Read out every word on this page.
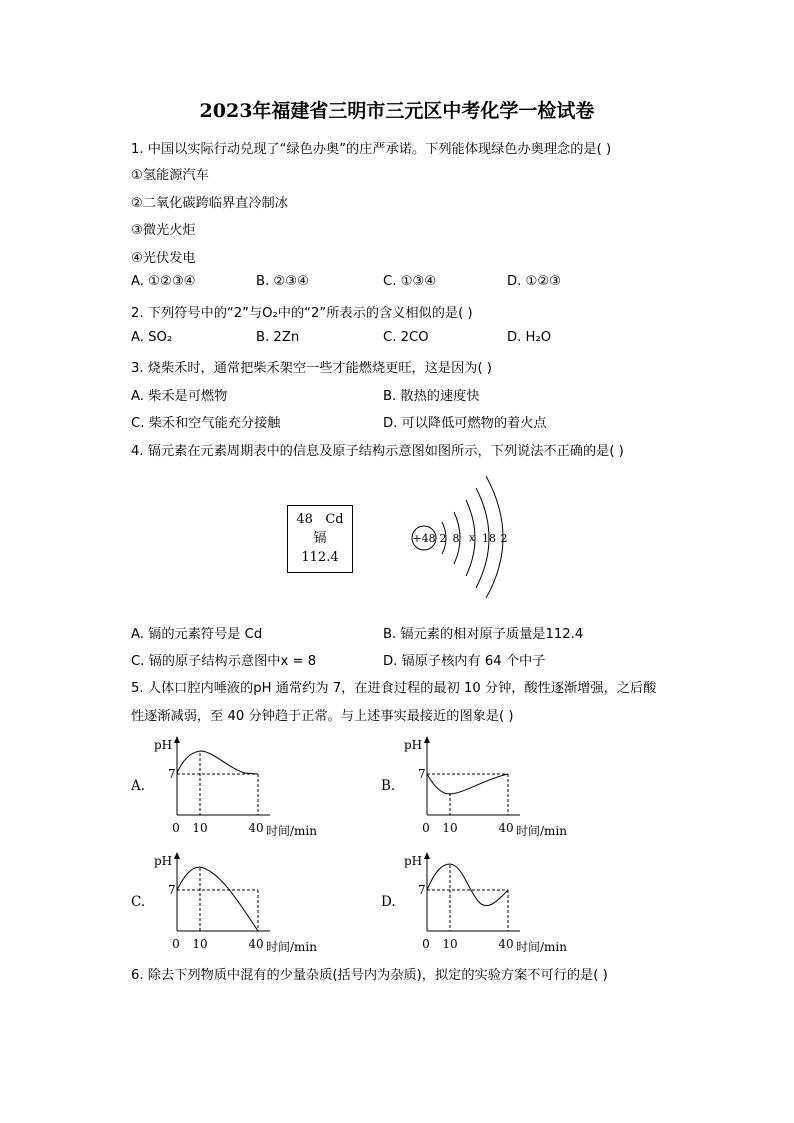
2023年福建省三明市三元区中考化学一检试卷
1. 中国以实际行动兑现了“绿色办奥”的庄严承诺。下列能体现绿色办奥理念的是( )
①氢能源汽车
②二氧化碳跨临界直冷制冰
③微光火炬
④光伏发电
A. ①②③④	B. ②③④	C. ①③④	D. ①②③
2. 下列符号中的“2”与O₂中的“2”所表示的含义相似的是( )
A. SO₂	B. 2Zn	C. 2CO	D. H₂O
3. 烧柴禾时，通常把柴禾架空一些才能燃烧更旺，这是因为( )
A. 柴禾是可燃物	B. 散热的速度快
C. 柴禾和空气能充分接触	D. 可以降低可燃物的着火点
4. 镉元素在元素周期表中的信息及原子结构示意图如图所示，下列说法不正确的是( )
48 Cd
镉
112.4
+48 2 8 x 18 2
A. 镉的元素符号是 Cd	B. 镉元素的相对原子质量是112.4
C. 镉的原子结构示意图中x = 8	D. 镉原子核内有 64 个中子
5. 人体口腔内唾液的pH 通常约为 7，在进食过程的最初 10 分钟，酸性逐渐增强，之后酸
性逐渐减弱，至 40 分钟趋于正常。与上述事实最接近的图象是( )
A.
pH
7
0 10	40 时间/min
B.
pH
7
0 10	40 时间/min
C.
pH
7
0 10	40 时间/min
D.
pH
7
0 10	40 时间/min
6. 除去下列物质中混有的少量杂质(括号内为杂质)，拟定的实验方案不可行的是( )
